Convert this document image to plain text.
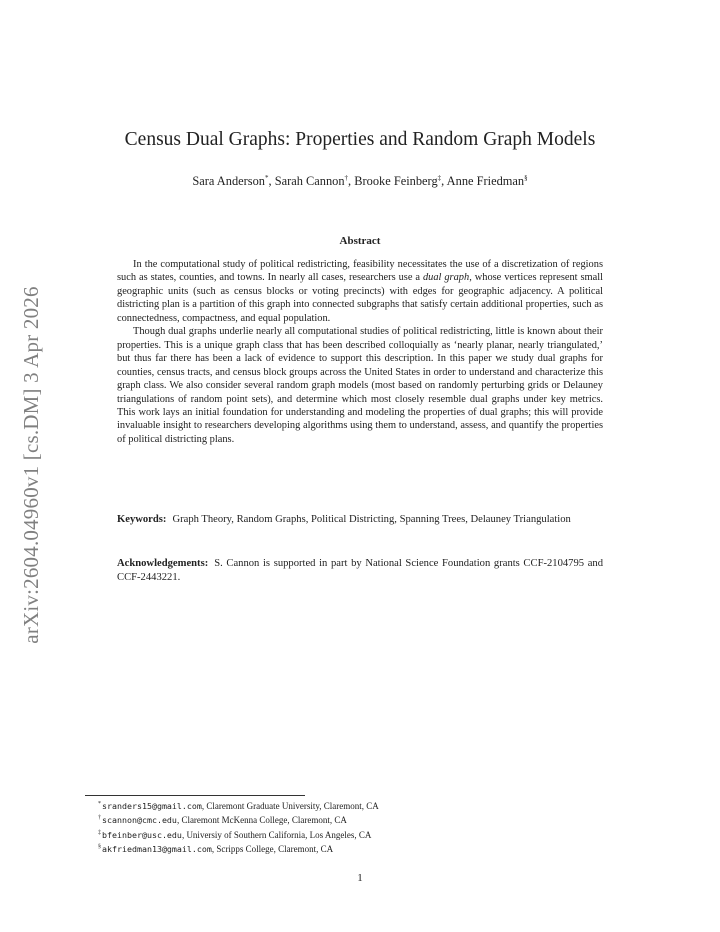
arXiv:2604.04960v1 [cs.DM] 3 Apr 2026
Census Dual Graphs: Properties and Random Graph Models
Sara Anderson*, Sarah Cannon†, Brooke Feinberg‡, Anne Friedman§
Abstract

In the computational study of political redistricting, feasibility necessitates the use of a discretization of regions such as states, counties, and towns. In nearly all cases, researchers use a dual graph, whose vertices represent small geographic units (such as census blocks or voting precincts) with edges for geographic adjacency. A political districting plan is a partition of this graph into connected subgraphs that satisfy certain additional properties, such as connectedness, compactness, and equal population.

Though dual graphs underlie nearly all computational studies of political redistricting, little is known about their properties. This is a unique graph class that has been described colloquially as ‘nearly planar, nearly triangulated,’ but thus far there has been a lack of evidence to support this description. In this paper we study dual graphs for counties, census tracts, and census block groups across the United States in order to understand and characterize this graph class. We also consider several random graph models (most based on randomly perturbing grids or Delauney triangulations of random point sets), and determine which most closely resemble dual graphs under key metrics. This work lays an initial foundation for understanding and modeling the properties of dual graphs; this will provide invaluable insight to researchers developing algorithms using them to understand, assess, and quantify the properties of political districting plans.

Keywords: Graph Theory, Random Graphs, Political Districting, Spanning Trees, Delauney Triangulation
Acknowledgements: S. Cannon is supported in part by National Science Foundation grants CCF-2104795 and CCF-2443221.
*sranders15@gmail.com, Claremont Graduate University, Claremont, CA
†scannon@cmc.edu, Claremont McKenna College, Claremont, CA
‡bfeinber@usc.edu, Universiy of Southern California, Los Angeles, CA
§akfriedman13@gmail.com, Scripps College, Claremont, CA
1
